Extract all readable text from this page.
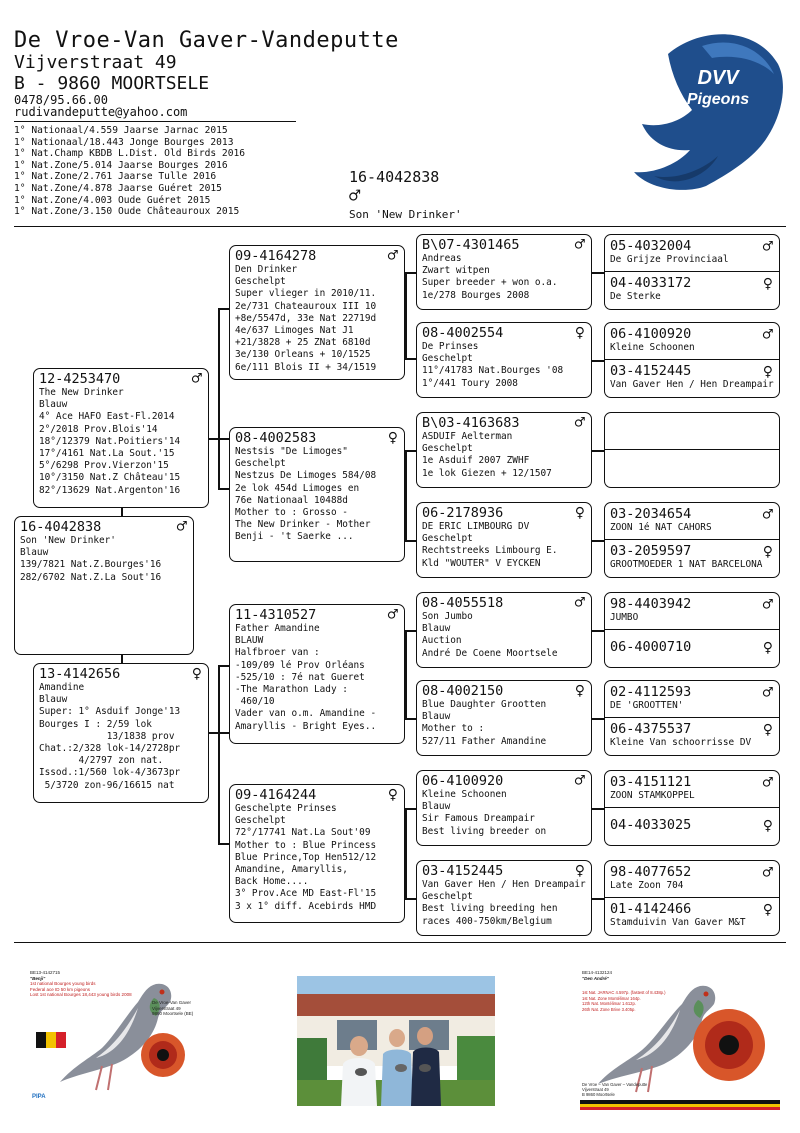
De Vroe-Van Gaver-Vandeputte
Vijverstraat 49
B - 9860 MOORTSELE
0478/95.66.00
rudivandeputte@yahoo.com
1° Nationaal/4.559 Jaarse Jarnac 2015
1° Nationaal/18.443 Jonge Bourges 2013
1° Nat.Champ KBDB L.Dist. Old Birds 2016
1° Nat.Zone/5.014 Jaarse Bourges 2016
1° Nat.Zone/2.761 Jaarse Tulle 2016
1° Nat.Zone/4.878 Jaarse Guéret 2015
1° Nat.Zone/4.003 Oude Guéret 2015
1° Nat.Zone/3.150 Oude Châteauroux 2015
16-4042838
♂
Son 'New Drinker'
DVV
Pigeons
16-4042838	♂
Son 'New Drinker'
Blauw
139/7821 Nat.Z.Bourges'16
282/6702 Nat.Z.La Sout'16
12-4253470	♂
The New Drinker
Blauw
4° Ace HAFO East-Fl.2014
2°/2018 Prov.Blois'14
18°/12379 Nat.Poitiers'14
17°/4161 Nat.La Sout.'15
5°/6298 Prov.Vierzon'15
10°/3150 Nat.Z Château'15
82°/13629 Nat.Argenton'16
13-4142656	♀
Amandine
Blauw
Super: 1° Asduif Jonge'13
Bourges I : 2/59 lok
13/1838 prov
Chat.:2/328 lok-14/2728pr
4/2797 zon nat.
Issod.:1/560 lok-4/3673pr
5/3720 zon-96/16615 nat
09-4164278	♂
Den Drinker
Geschelpt
Super vlieger in 2010/11.
2e/731 Chateauroux III 10
+8e/5547d, 33e Nat 22719d
4e/637 Limoges Nat J1
+21/3828 + 25 ZNat 6810d
3e/130 Orleans + 10/1525
6e/111 Blois II + 34/1519
08-4002583	♀
Nestsis "De Limoges"
Geschelpt
Nestzus De Limoges 584/08
2e lok 454d Limoges en
76e Nationaal 10488d
Mother to : Grosso -
The New Drinker - Mother
Benji - 't Saerke ...
11-4310527	♂
Father Amandine
BLAUW
Halfbroer van :
-109/09 lé Prov Orléans
-525/10 : 7é nat Gueret
-The Marathon Lady :
460/10
Vader van o.m. Amandine -
Amaryllis - Bright Eyes..
09-4164244	♀
Geschelpte Prinses
Geschelpt
72°/17741 Nat.La Sout'09
Mother to : Blue Princess
Blue Prince,Top Hen512/12
Amandine, Amaryllis,
Back Home....
3° Prov.Ace MD East-Fl'15
3 x 1° diff. Acebirds HMD
B\07-4301465	♂
Andreas
Zwart witpen
Super breeder + won o.a.
1e/278 Bourges 2008
08-4002554	♀
De Prinses
Geschelpt
11°/41783 Nat.Bourges '08
1°/441 Toury 2008
B\03-4163683	♂
ASDUIF Aelterman
Geschelpt
1e Asduif 2007 ZWHF
1e lok Giezen + 12/1507
06-2178936	♀
DE ERIC LIMBOURG DV
Geschelpt
Rechtstreeks Limbourg E.
Kld "WOUTER" V EYCKEN
08-4055518	♂
Son Jumbo
Blauw
Auction
André De Coene Moortsele
08-4002150	♀
Blue Daughter Grootten
Blauw
Mother to :
527/11 Father Amandine
06-4100920	♂
Kleine Schoonen
Blauw
Sir Famous Dreampair
Best living breeder on
03-4152445	♀
Van Gaver Hen / Hen Dreampair
Geschelpt
Best living breeding hen
races 400-750km/Belgium
05-4032004	♂
De Grijze Provinciaal
04-4033172	♀
De Sterke
06-4100920	♂
Kleine Schoonen
03-4152445	♀
Van Gaver Hen / Hen Dreampair
03-2034654	♂
ZOON 1é NAT CAHORS
03-2059597	♀
GROOTMOEDER 1 NAT BARCELONA
98-4403942	♂
JUMBO
06-4000710	♀
02-4112593	♂
DE 'GROOTTEN'
06-4375537	♀
Kleine Van schoorrisse DV
03-4151121	♂
ZOON STAMKOPPEL
04-4033025	♀
98-4077652	♂
Late Zoon 704
01-4142466	♀
Stamduivin Van Gaver M&T
BE13-4142715
"Benji"
1st national Bourges young birds
Federal ace ID 50 km pigeons
Lost 1st national Bourges 18,443 young birds 2008
De Vroe-Van Gaver
Vijverstraat 49
9860 Moortsele (BE)
PIPA
BE14-4132124
"Den André"
1st Nat. JARNAC 4.597p. (fastest of 8.438p.)
1st Nat. Zone Montélimar 164p.
12th Nat. Montélimar 1.612p.
26th Nat. Zone Brive 3.405p.
De Vroe – Van Gaver – Vandeputte
Vijverstraat 49
B 9860 Moortsele
